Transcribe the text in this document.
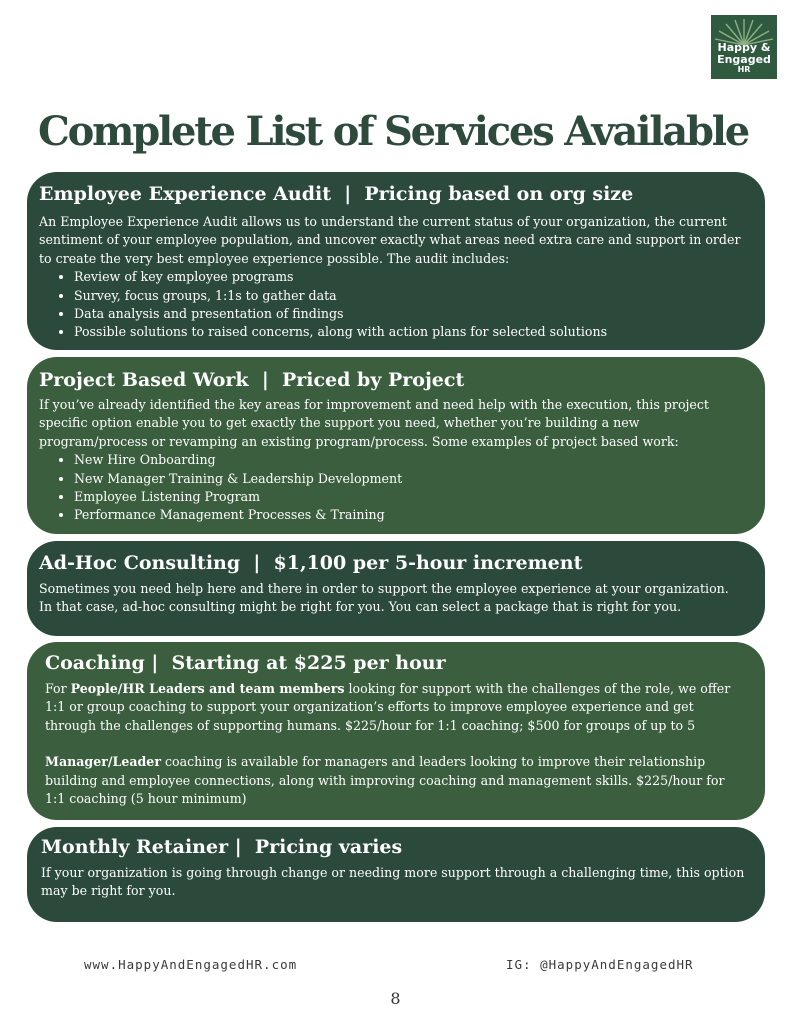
Happy &
Engaged
HR
Complete List of Services Available
Employee Experience Audit  |  Pricing based on org size

An Employee Experience Audit allows us to understand the current status of your organization, the current sentiment of your employee population, and uncover exactly what areas need extra care and support in order to create the very best employee experience possible. The audit includes:

• Review of key employee programs
• Survey, focus groups, 1:1s to gather data
• Data analysis and presentation of findings
• Possible solutions to raised concerns, along with action plans for selected solutions
Project Based Work  |  Priced by Project

If you’ve already identified the key areas for improvement and need help with the execution, this project specific option enable you to get exactly the support you need, whether you’re building a new program/process or revamping an existing program/process. Some examples of project based work:

• New Hire Onboarding
• New Manager Training & Leadership Development
• Employee Listening Program
• Performance Management Processes & Training
Ad-Hoc Consulting  |  $1,100 per 5-hour increment

Sometimes you need help here and there in order to support the employee experience at your organization. In that case, ad-hoc consulting might be right for you. You can select a package that is right for you.

Coaching |  Starting at $225 per hour

For People/HR Leaders and team members looking for support with the challenges of the role, we offer 1:1 or group coaching to support your organization’s efforts to improve employee experience and get through the challenges of supporting humans. $225/hour for 1:1 coaching; $500 for groups of up to 5

Manager/Leader coaching is available for managers and leaders looking to improve their relationship building and employee connections, along with improving coaching and management skills. $225/hour for 1:1 coaching (5 hour minimum)

Monthly Retainer |  Pricing varies

If your organization is going through change or needing more support through a challenging time, this option may be right for you.

www.HappyAndEngagedHR.com	IG: @HappyAndEngagedHR
8
